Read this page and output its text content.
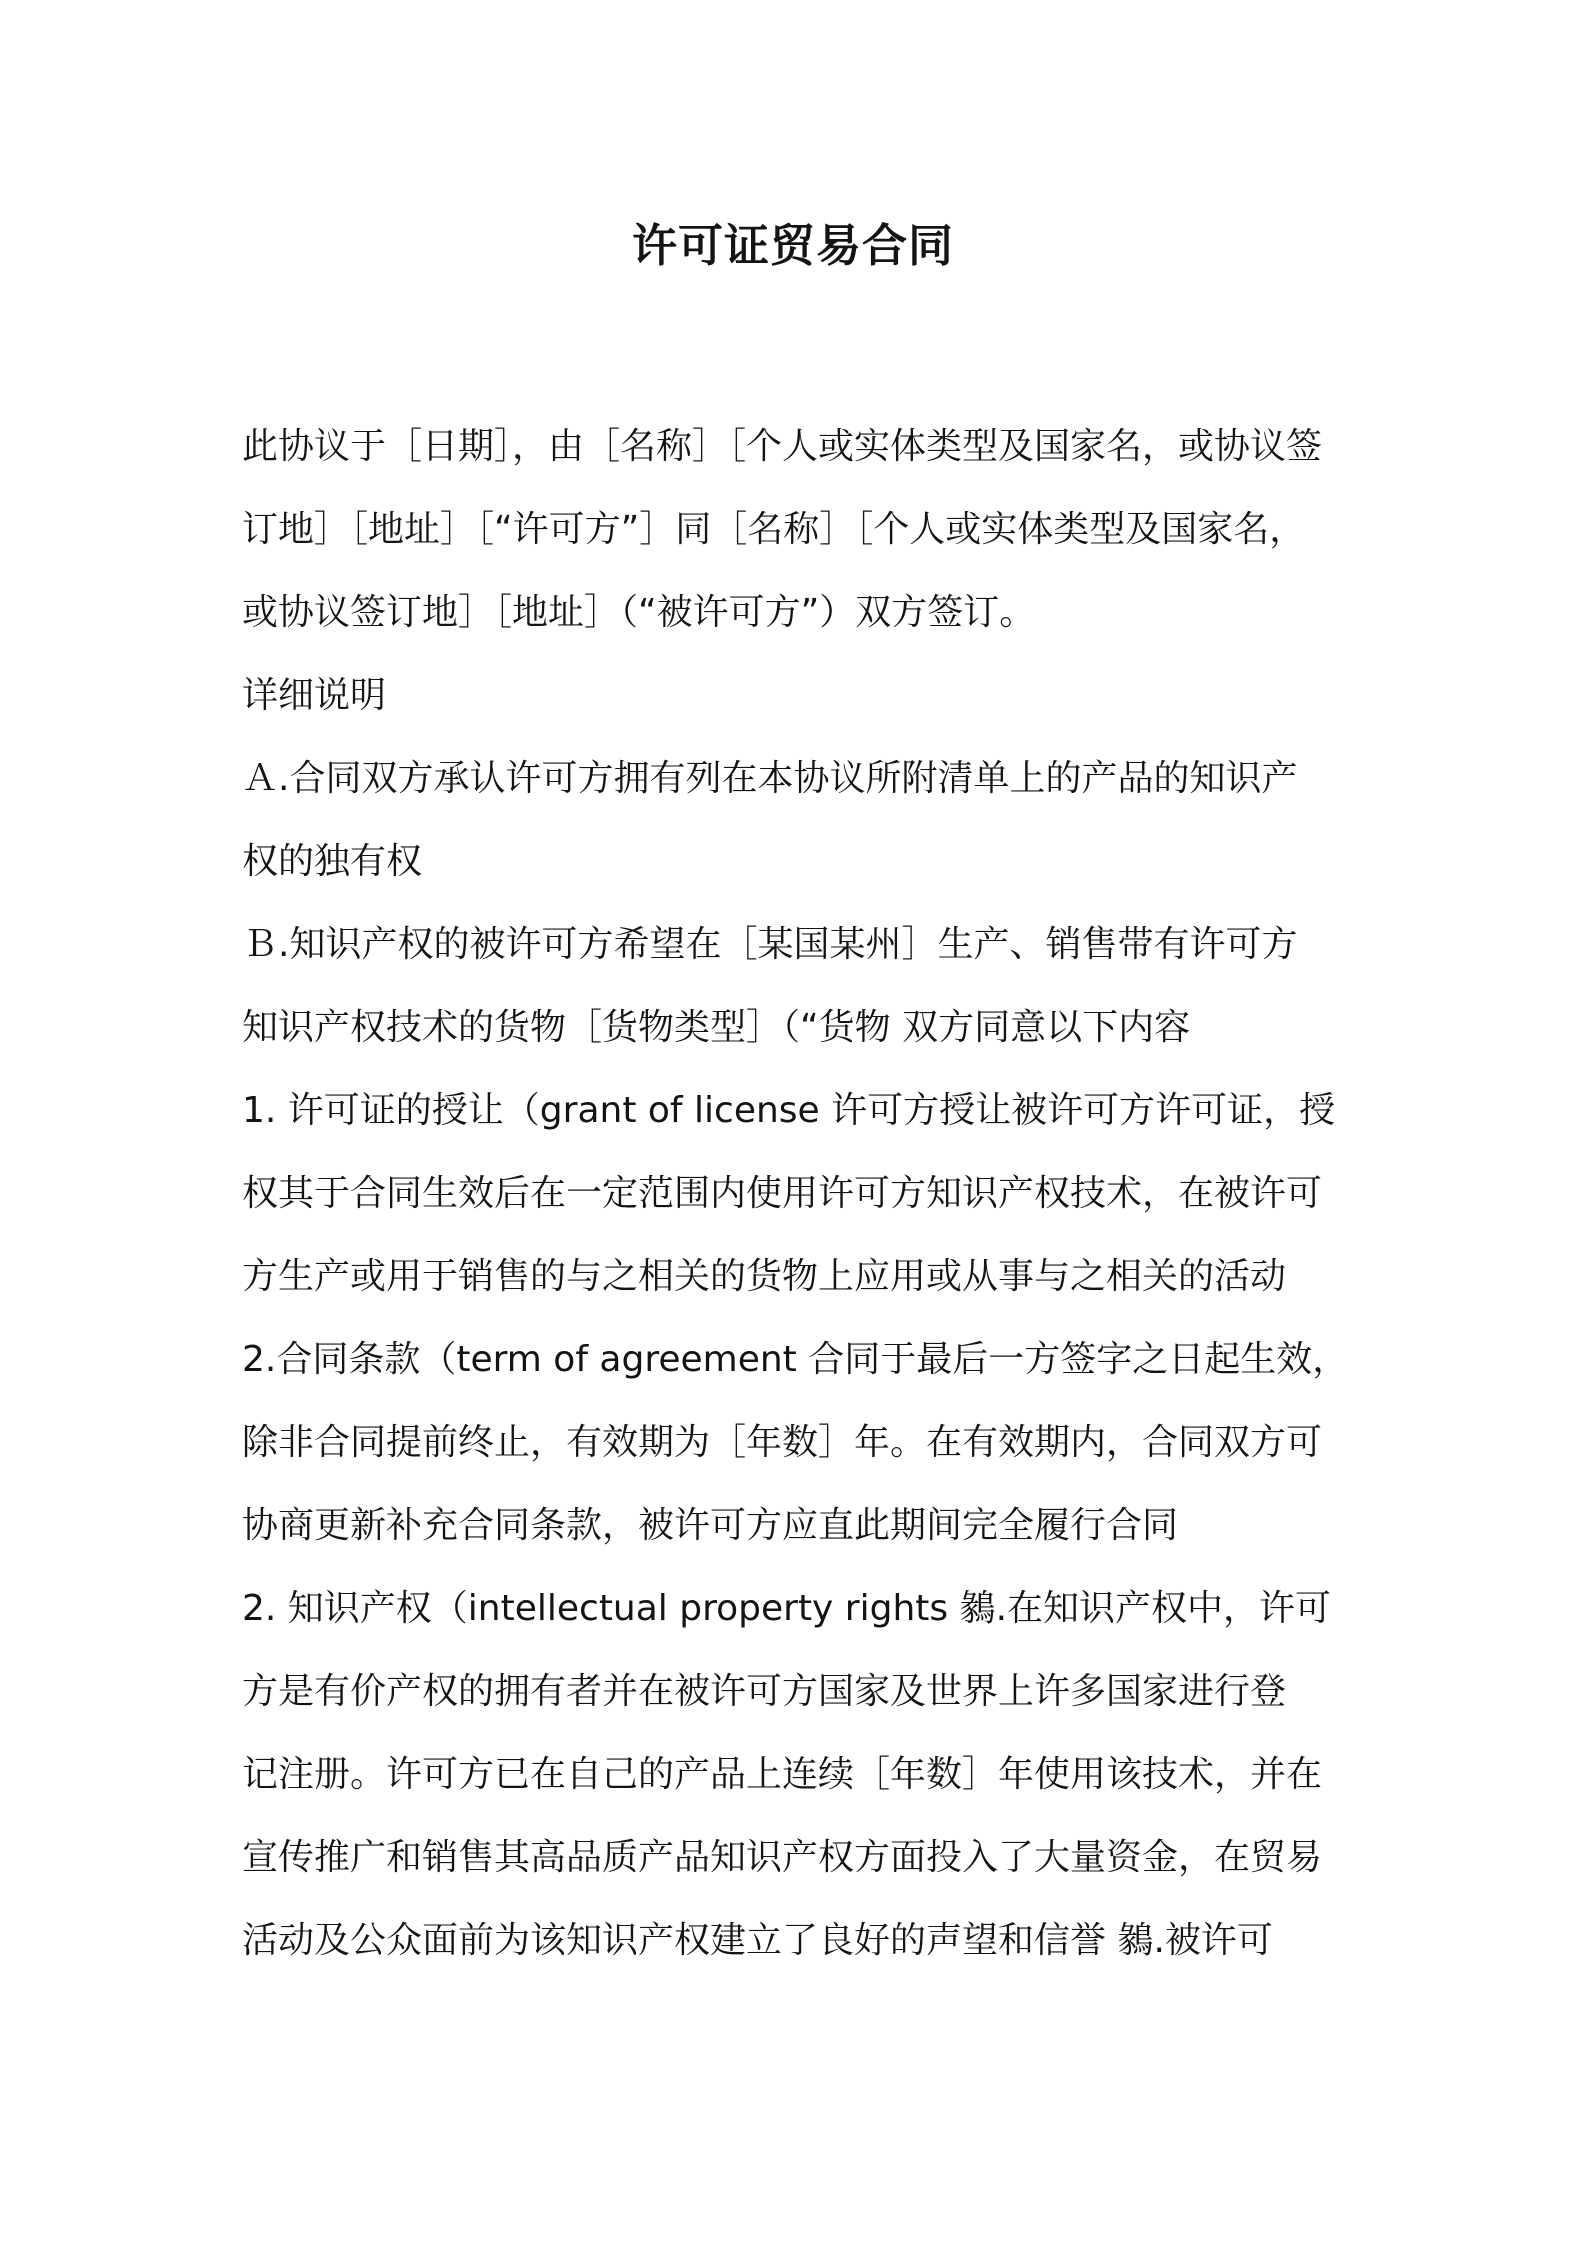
许可证贸易合同
此协议于［日期］，由［名称］［个人或实体类型及国家名，或协议签
订地］［地址］［“许可方”］同［名称］［个人或实体类型及国家名，
或协议签订地］［地址］（“被许可方”）双方签订。
详细说明
Ａ.合同双方承认许可方拥有列在本协议所附清单上的产品的知识产
权的独有权
Ｂ.知识产权的被许可方希望在［某国某州］生产、销售带有许可方
知识产权技术的货物［货物类型］（“货物 双方同意以下内容
1. 许可证的授让（grant of license 许可方授让被许可方许可证，授
权其于合同生效后在一定范围内使用许可方知识产权技术，在被许可
方生产或用于销售的与之相关的货物上应用或从事与之相关的活动
2.合同条款（term of agreement 合同于最后一方签字之日起生效，
除非合同提前终止，有效期为［年数］年。在有效期内，合同双方可
协商更新补充合同条款，被许可方应直此期间完全履行合同
2. 知识产权（intellectual property rights 鶨.在知识产权中，许可
方是有价产权的拥有者并在被许可方国家及世界上许多国家进行登
记注册。许可方已在自己的产品上连续［年数］年使用该技术，并在
宣传推广和销售其高品质产品知识产权方面投入了大量资金，在贸易
活动及公众面前为该知识产权建立了良好的声望和信誉 鶨.被许可
